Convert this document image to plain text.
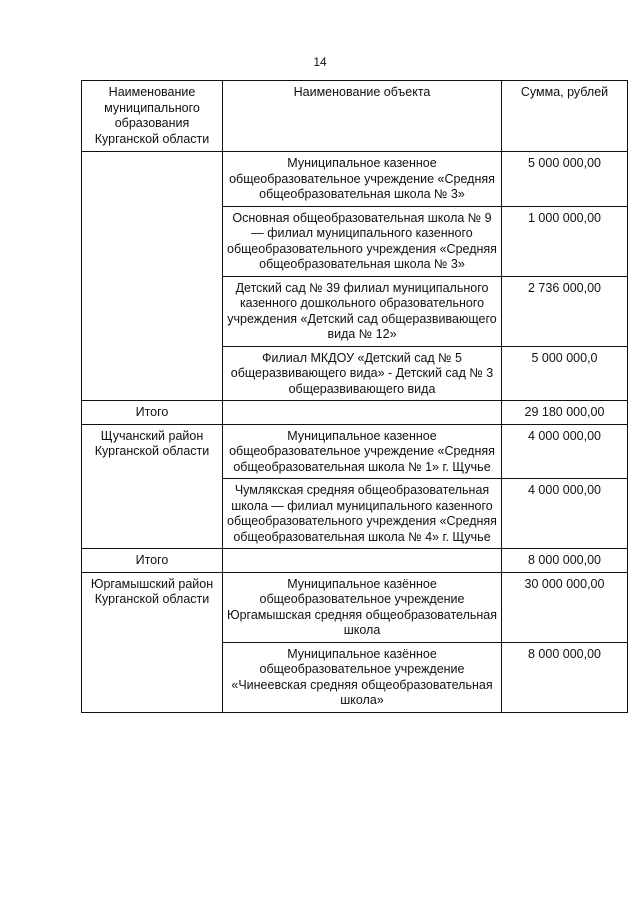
14
Наименование муниципального образования Курганской области	Наименование объекта	Сумма, рублей
	Муниципальное казенное общеобразовательное учреждение «Средняя общеобразовательная школа № 3»	5 000 000,00
	Основная общеобразовательная школа № 9 — филиал муниципального казенного общеобразовательного учреждения «Средняя общеобразовательная школа № 3»	1 000 000,00
	Детский сад № 39 филиал муниципального казенного дошкольного образовательного учреждения «Детский сад общеразвивающего вида № 12»	2 736 000,00
	Филиал МКДОУ «Детский сад № 5 общеразвивающего вида» - Детский сад № 3 общеразвивающего вида	5 000 000,0
Итого		29 180 000,00
Щучанский район Курганской области	Муниципальное казенное общеобразовательное учреждение «Средняя общеобразовательная школа № 1» г. Щучье	4 000 000,00
	Чумлякская средняя общеобразовательная школа — филиал муниципального казенного общеобразовательного учреждения «Средняя общеобразовательная школа № 4» г. Щучье	4 000 000,00
Итого		8 000 000,00
Юргамышский район Курганской области	Муниципальное казённое общеобразовательное учреждение Юргамышская средняя общеобразовательная школа	30 000 000,00
	Муниципальное казённое общеобразовательное учреждение «Чинеевская средняя общеобразовательная школа»	8 000 000,00
